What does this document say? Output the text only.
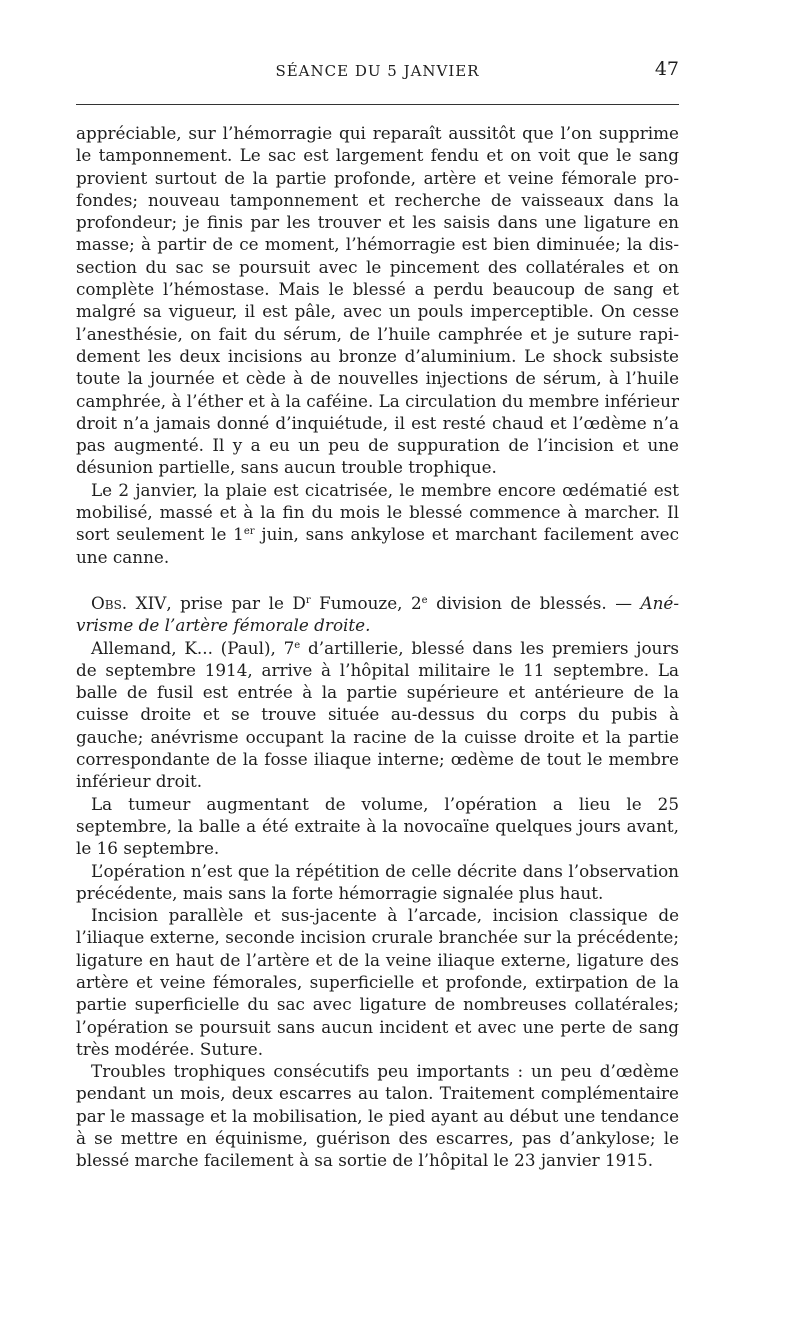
SÉANCE DU 5 JANVIER	47

appréciable, sur l’hémorragie qui reparaît aussitôt que l’on supprime le tamponnement. Le sac est largement fendu et on voit que le sang provient surtout de la partie profonde, artère et veine fémorale profondes; nouveau tamponnement et recherche de vaisseaux dans la profondeur; je finis par les trouver et les saisis dans une ligature en masse; à partir de ce moment, l’hémorragie est bien diminuée; la dissection du sac se poursuit avec le pincement des collatérales et on complète l’hémostase. Mais le blessé a perdu beaucoup de sang et malgré sa vigueur, il est pâle, avec un pouls imperceptible. On cesse l’anesthésie, on fait du sérum, de l’huile camphrée et je suture rapidement les deux incisions au bronze d’aluminium. Le shock subsiste toute la journée et cède à de nouvelles injections de sérum, à l’huile camphrée, à l’éther et à la caféine. La circulation du membre inférieur droit n’a jamais donné d’inquiétude, il est resté chaud et l’œdème n’a pas augmenté. Il y a eu un peu de suppuration de l’incision et une désunion partielle, sans aucun trouble trophique.

Le 2 janvier, la plaie est cicatrisée, le membre encore œdématié est mobilisé, massé et à la fin du mois le blessé commence à marcher. Il sort seulement le 1er juin, sans ankylose et marchant facilement avec une canne.

Obs. XIV, prise par le $D^r$ Fumouze, 2e division de blessés. — Anévrisme de l’artère fémorale droite.

Allemand, K... (Paul), 7e d’artillerie, blessé dans les premiers jours de septembre 1914, arrive à l’hôpital militaire le 11 septembre. La balle de fusil est entrée à la partie supérieure et antérieure de la cuisse droite et se trouve située au-dessus du corps du pubis à gauche; anévrisme occupant la racine de la cuisse droite et la partie correspondante de la fosse iliaque interne; œdème de tout le membre inférieur droit.

La tumeur augmentant de volume, l’opération a lieu le 25 septembre, la balle a été extraite à la novocaïne quelques jours avant, le 16 septembre.

L’opération n’est que la répétition de celle décrite dans l’observation précédente, mais sans la forte hémorragie signalée plus haut.

Incision parallèle et sus-jacente à l’arcade, incision classique de l’iliaque externe, seconde incision crurale branchée sur la précédente; ligature en haut de l’artère et de la veine iliaque externe, ligature des artère et veine fémorales, superficielle et profonde, extirpation de la partie superficielle du sac avec ligature de nombreuses collatérales; l’opération se poursuit sans aucun incident et avec une perte de sang très modérée. Suture.

Troubles trophiques consécutifs peu importants : un peu d’œdème pendant un mois, deux escarres au talon. Traitement complémentaire par le massage et la mobilisation, le pied ayant au début une tendance à se mettre en équinisme, guérison des escarres, pas d’ankylose; le blessé marche facilement à sa sortie de l’hôpital le 23 janvier 1915.
